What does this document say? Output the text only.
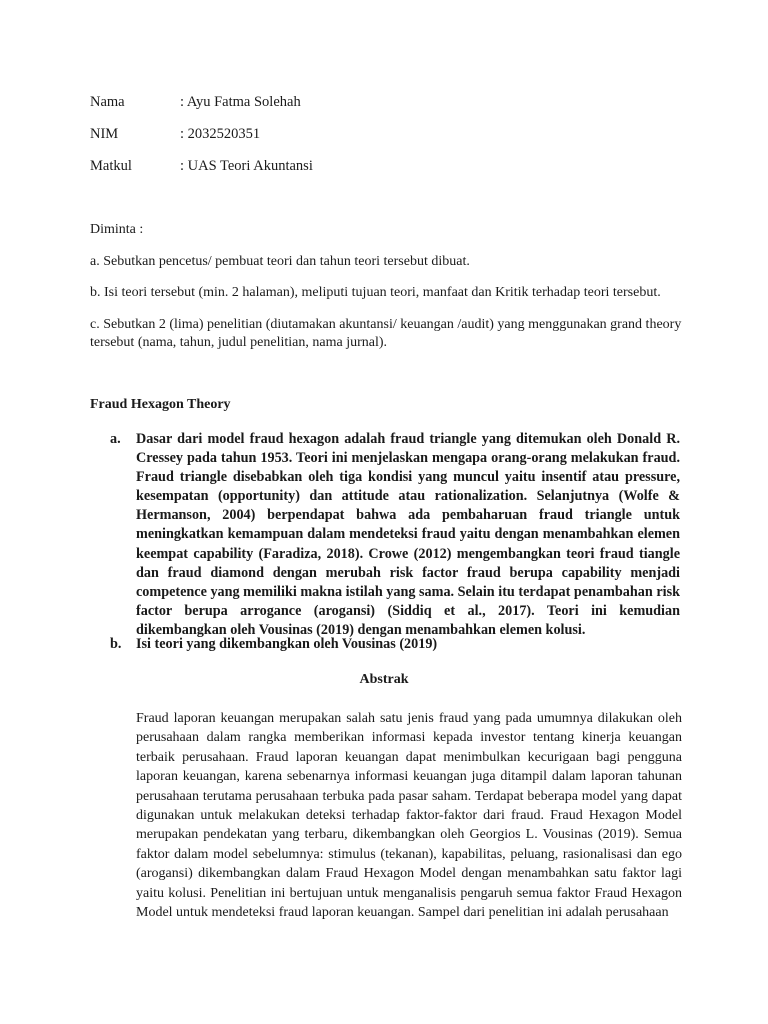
Nama	: Ayu Fatma Solehah
NIM	: 2032520351
Matkul	: UAS Teori Akuntansi
Diminta :
a. Sebutkan pencetus/ pembuat teori dan tahun teori tersebut dibuat.
b. Isi teori tersebut (min. 2 halaman), meliputi tujuan teori, manfaat dan Kritik terhadap teori tersebut.
c. Sebutkan 2 (lima) penelitian (diutamakan akuntansi/ keuangan /audit) yang menggunakan grand theory tersebut (nama, tahun, judul penelitian, nama jurnal).
Fraud Hexagon Theory
a.	Dasar dari model fraud hexagon adalah fraud triangle yang ditemukan oleh Donald R. Cressey pada tahun 1953. Teori ini menjelaskan mengapa orang-orang melakukan fraud. Fraud triangle disebabkan oleh tiga kondisi yang muncul yaitu insentif atau pressure, kesempatan (opportunity) dan attitude atau rationalization. Selanjutnya (Wolfe & Hermanson, 2004) berpendapat bahwa ada pembaharuan fraud triangle untuk meningkatkan kemampuan dalam mendeteksi fraud yaitu dengan menambahkan elemen keempat capability (Faradiza, 2018). Crowe (2012) mengembangkan teori fraud tiangle dan fraud diamond dengan merubah risk factor fraud berupa capability menjadi competence yang memiliki makna istilah yang sama. Selain itu terdapat penambahan risk factor berupa arrogance (arogansi) (Siddiq et al., 2017). Teori ini kemudian dikembangkan oleh Vousinas (2019) dengan menambahkan elemen kolusi.
b.	Isi teori yang dikembangkan oleh Vousinas (2019)
Abstrak
Fraud laporan keuangan merupakan salah satu jenis fraud yang pada umumnya dilakukan oleh perusahaan dalam rangka memberikan informasi kepada investor tentang kinerja keuangan terbaik perusahaan. Fraud laporan keuangan dapat menimbulkan kecurigaan bagi pengguna laporan keuangan, karena sebenarnya informasi keuangan juga ditampil dalam laporan tahunan perusahaan terutama perusahaan terbuka pada pasar saham. Terdapat beberapa model yang dapat digunakan untuk melakukan deteksi terhadap faktor-faktor dari fraud. Fraud Hexagon Model merupakan pendekatan yang terbaru, dikembangkan oleh Georgios L. Vousinas (2019). Semua faktor dalam model sebelumnya: stimulus (tekanan), kapabilitas, peluang, rasionalisasi dan ego (arogansi) dikembangkan dalam Fraud Hexagon Model dengan menambahkan satu faktor lagi yaitu kolusi. Penelitian ini bertujuan untuk menganalisis pengaruh semua faktor Fraud Hexagon Model untuk mendeteksi fraud laporan keuangan. Sampel dari penelitian ini adalah perusahaan
